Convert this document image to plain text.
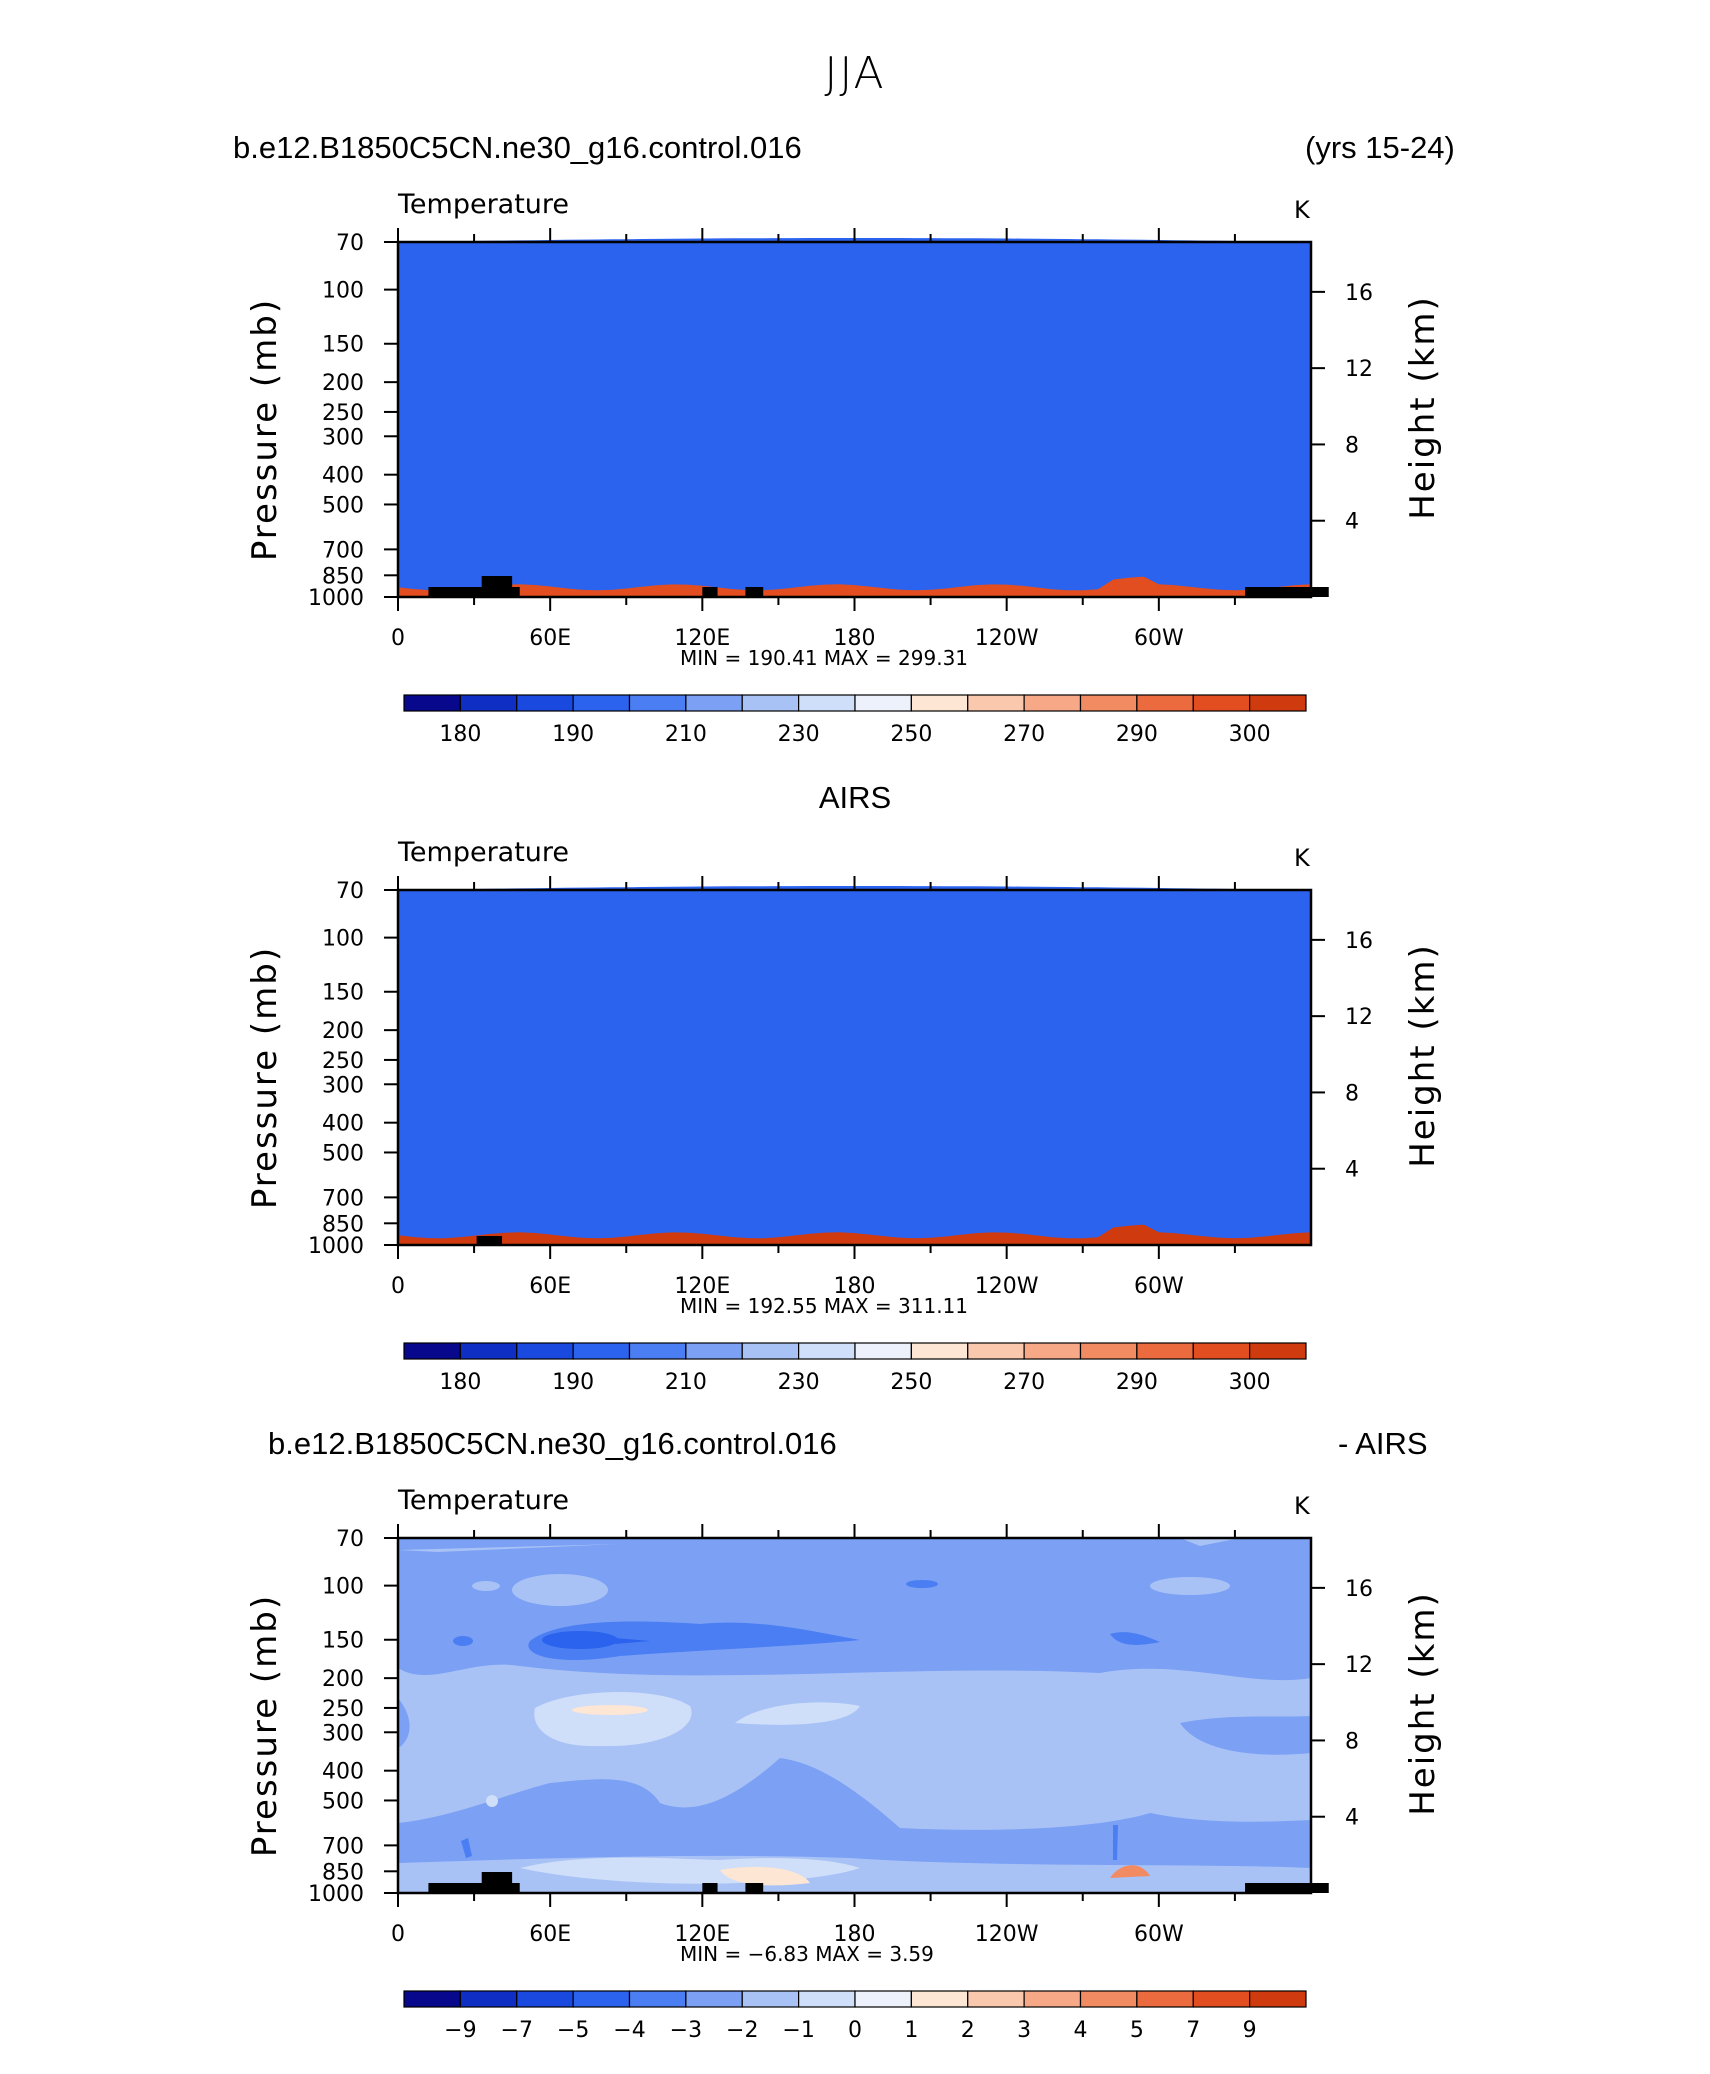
JJA
b.e12.B1850C5CN.ne30_g16.control.016	(yrs 15-24)
AIRS
b.e12.B1850C5CN.ne30_g16.control.016	- AIRS
0	60E	120E	180	120W	60W
70
100
150
200
250
300
400
500
700
850
1000
16
12
8
4
Pressure (mb)	Height (km)
Temperature	K
MIN = 190.41 MAX = 299.31
180	190	210	230	250	270	290	300
0	60E	120E	180	120W	60W
70
100
150
200
250
300
400
500
700
850
1000
16
12
8
4
Pressure (mb)	Height (km)
Temperature	K
MIN = 192.55 MAX = 311.11
180	190	210	230	250	270	290	300
0	60E	120E	180	120W	60W
70
100
150
200
250
300
400
500
700
850
1000
16
12
8
4
Pressure (mb)	Height (km)
Temperature	K
MIN = −6.83 MAX = 3.59
−9 −7 −5 −4 −3 −2 −1 0 1 2 3 4 5 7 9
